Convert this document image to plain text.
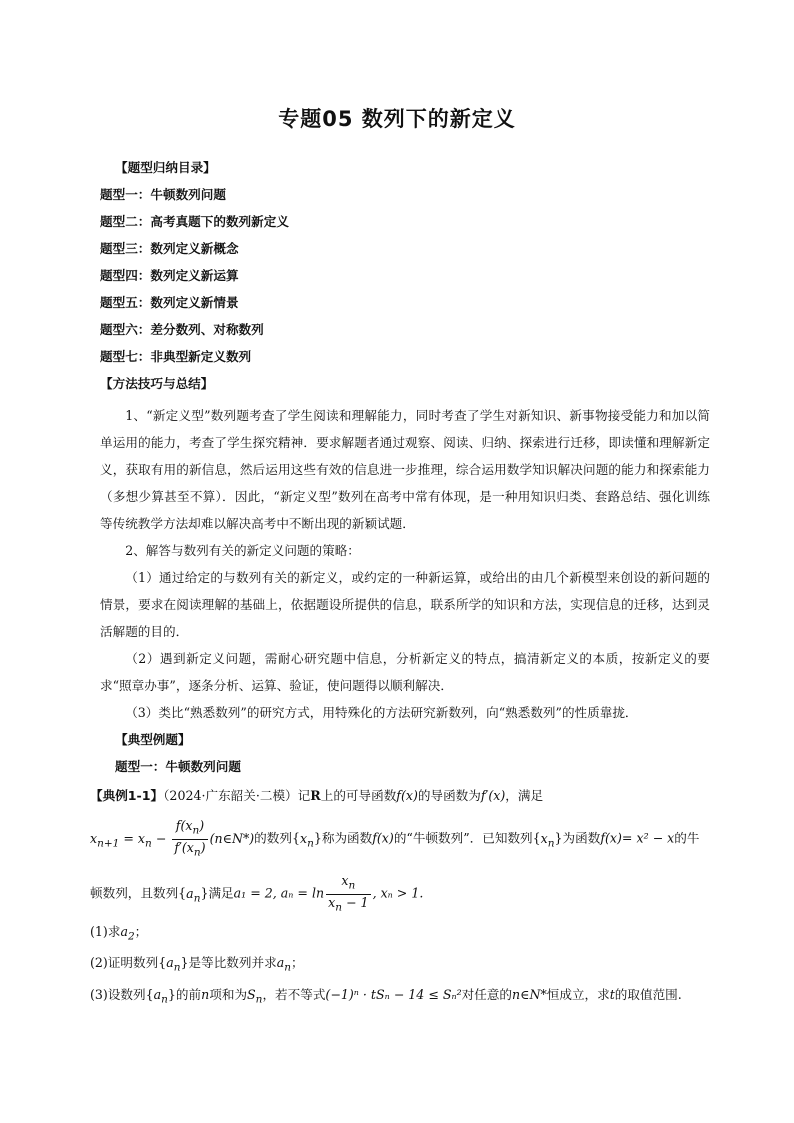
专题05 数列下的新定义
【题型归纳目录】
题型一：牛顿数列问题
题型二：高考真题下的数列新定义
题型三：数列定义新概念
题型四：数列定义新运算
题型五：数列定义新情景
题型六：差分数列、对称数列
题型七：非典型新定义数列
【方法技巧与总结】
1、“新定义型”数列题考查了学生阅读和理解能力，同时考查了学生对新知识、新事物接受能力和加以简单运用的能力，考查了学生探究精神．要求解题者通过观察、阅读、归纳、探索进行迁移，即读懂和理解新定义，获取有用的新信息，然后运用这些有效的信息进一步推理，综合运用数学知识解决问题的能力和探索能力（多想少算甚至不算）．因此，“新定义型”数列在高考中常有体现，是一种用知识归类、套路总结、强化训练等传统教学方法却难以解决高考中不断出现的新颖试题．
2、解答与数列有关的新定义问题的策略：
（1）通过给定的与数列有关的新定义，或约定的一种新运算，或给出的由几个新模型来创设的新问题的情景，要求在阅读理解的基础上，依据题设所提供的信息，联系所学的知识和方法，实现信息的迁移，达到灵活解题的目的．
（2）遇到新定义问题，需耐心研究题中信息，分析新定义的特点，搞清新定义的本质，按新定义的要求“照章办事”，逐条分析、运算、验证，使问题得以顺利解决．
（3）类比“熟悉数列”的研究方式，用特殊化的方法研究新数列，向“熟悉数列”的性质靠拢．
【典型例题】
题型一：牛顿数列问题
【典例1-1】（2024·广东韶关·二模）记R上的可导函数f(x)的导函数为f′(x)，满足
$x_{n+1} = x_n - \frac{f(x_n)}{f'(x_n)}$ (n∈N*)的数列$\{x_n\}$称为函数f(x)的“牛顿数列”．已知数列$\{x_n\}$为函数f(x)= x² − x的牛
顿数列，且数列$\{a_n\}$满足a₁ = 2, $a_n = \ln \frac{x_n}{x_n - 1}$ , xₙ > 1.
(1)求$a_2$；
(2)证明数列$\{a_n\}$是等比数列并求$a_n$；
(3)设数列$\{a_n\}$的前n项和为$S_n$，若不等式(−1)ⁿ · tSₙ − 14 ≤ Sₙ²对任意的n∈N*恒成立，求t的取值范围.
